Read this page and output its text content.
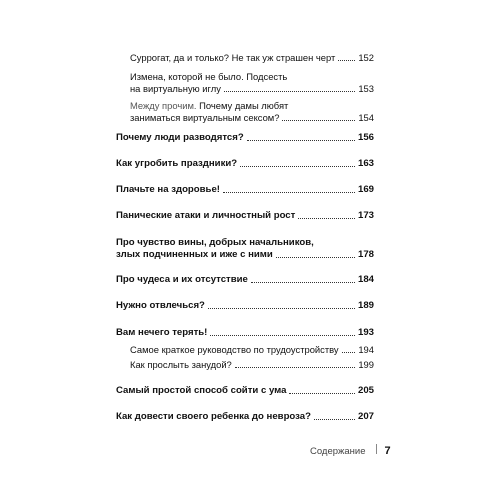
Суррогат, да и только? Не так уж страшен черт 152
Измена, которой не было. Подсесть
на виртуальную иглу	153
Между прочим. Почему дамы любят
заниматься виртуальным сексом?	154
Почему люди разводятся?	156
Как угробить праздники?	163
Плачьте на здоровье!	169
Панические атаки и личностный рост	173
Про чувство вины, добрых начальников,
злых подчиненных и иже с ними	178
Про чудеса и их отсутствие	184
Нужно отвлечься?	189
Вам нечего терять!	193
Самое краткое руководство по трудоустройству 194
Как прослыть занудой?	199
Самый простой способ сойти с ума	205
Как довести своего ребенка до невроза?	207
Содержание 7
